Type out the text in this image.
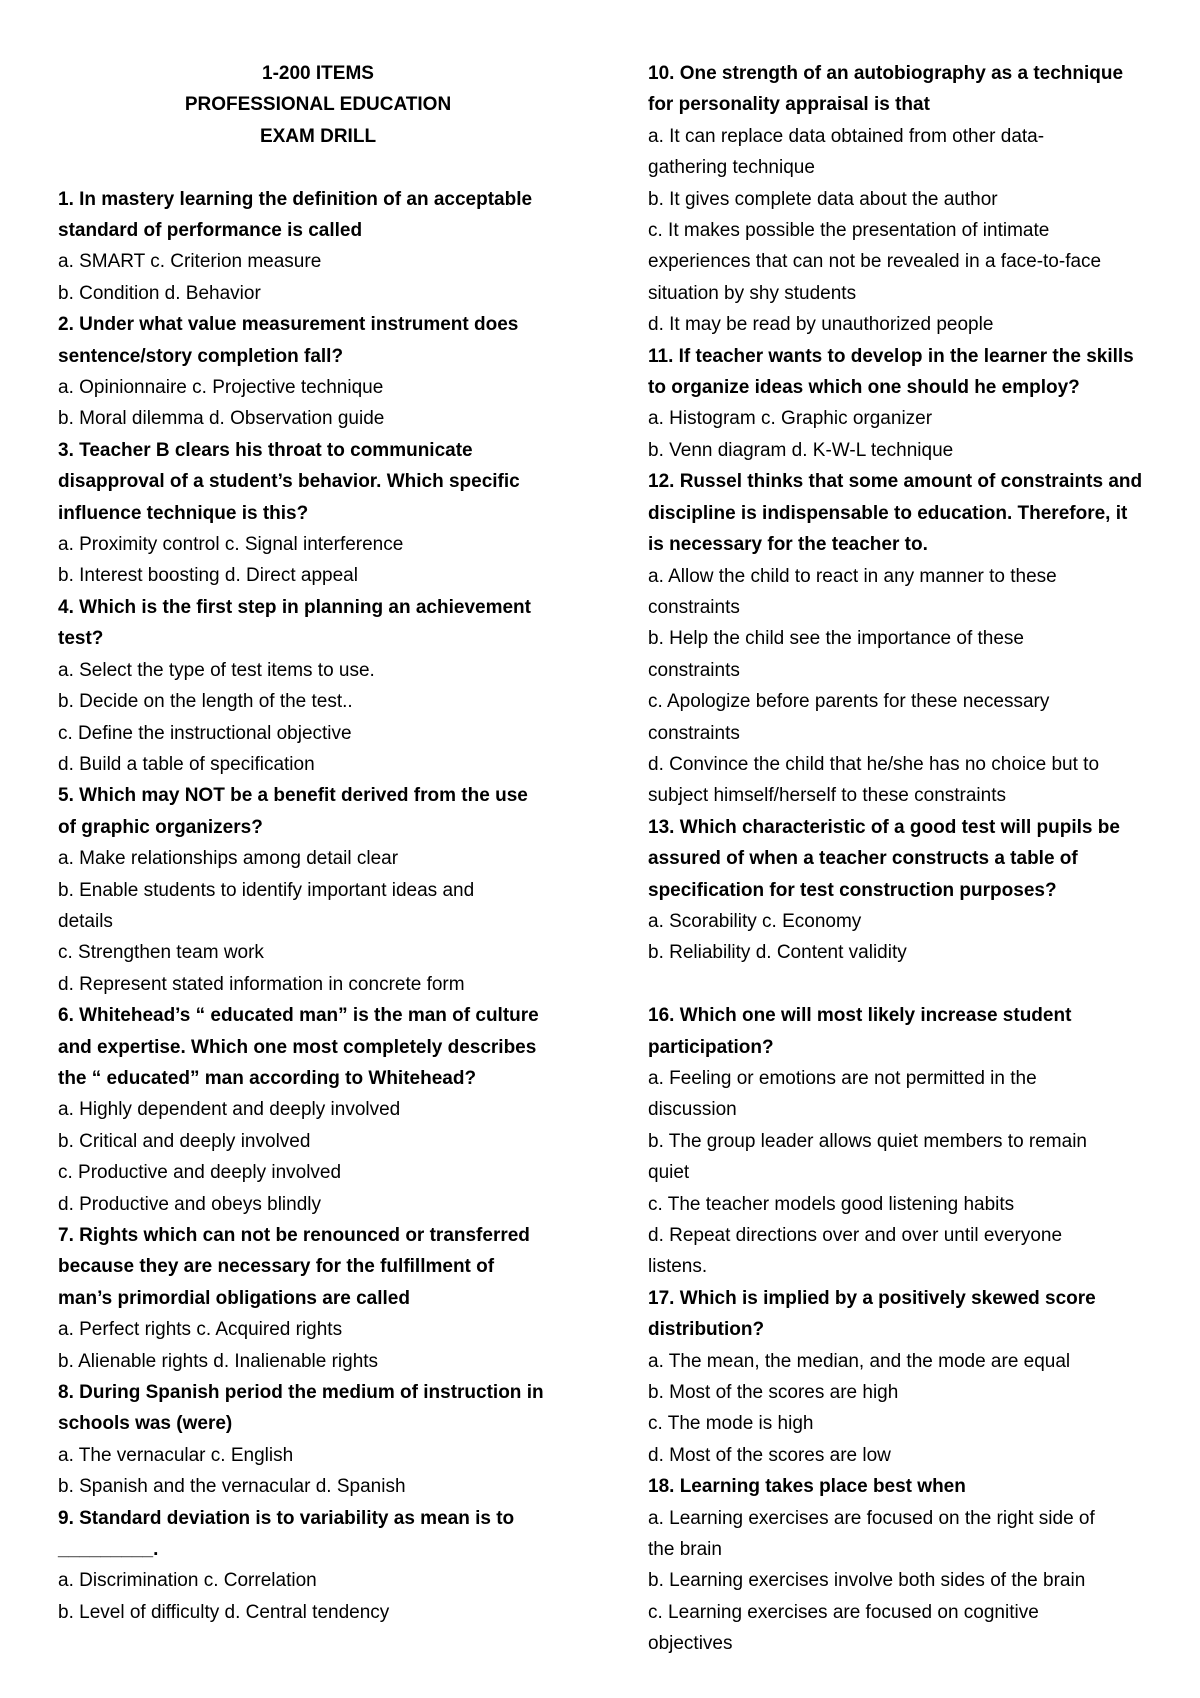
1-200 ITEMS
PROFESSIONAL EDUCATION
EXAM DRILL
1. In mastery learning the definition of an acceptable
standard of performance is called
a. SMART c. Criterion measure
b. Condition d. Behavior
2. Under what value measurement instrument does
sentence/story completion fall?
a. Opinionnaire c. Projective technique
b. Moral dilemma d. Observation guide
3. Teacher B clears his throat to communicate
disapproval of a student’s behavior. Which specific
influence technique is this?
a. Proximity control c. Signal interference
b. Interest boosting d. Direct appeal
4. Which is the first step in planning an achievement
test?
a. Select the type of test items to use.
b. Decide on the length of the test..
c. Define the instructional objective
d. Build a table of specification
5. Which may NOT be a benefit derived from the use
of graphic organizers?
a. Make relationships among detail clear
b. Enable students to identify important ideas and
details
c. Strengthen team work
d. Represent stated information in concrete form
6. Whitehead’s “ educated man” is the man of culture
and expertise. Which one most completely describes
the “ educated” man according to Whitehead?
a. Highly dependent and deeply involved
b. Critical and deeply involved
c. Productive and deeply involved
d. Productive and obeys blindly
7. Rights which can not be renounced or transferred
because they are necessary for the fulfillment of
man’s primordial obligations are called
a. Perfect rights c. Acquired rights
b. Alienable rights d. Inalienable rights
8. During Spanish period the medium of instruction in
schools was (were)
a. The vernacular c. English
b. Spanish and the vernacular d. Spanish
9. Standard deviation is to variability as mean is to
_________.
a. Discrimination c. Correlation
b. Level of difficulty d. Central tendency
10. One strength of an autobiography as a technique
for personality appraisal is that
a. It can replace data obtained from other data-
gathering technique
b. It gives complete data about the author
c. It makes possible the presentation of intimate
experiences that can not be revealed in a face-to-face
situation by shy students
d. It may be read by unauthorized people
11. If teacher wants to develop in the learner the skills
to organize ideas which one should he employ?
a. Histogram c. Graphic organizer
b. Venn diagram d. K-W-L technique
12. Russel thinks that some amount of constraints and
discipline is indispensable to education. Therefore, it
is necessary for the teacher to.
a. Allow the child to react in any manner to these
constraints
b. Help the child see the importance of these
constraints
c. Apologize before parents for these necessary
constraints
d. Convince the child that he/she has no choice but to
subject himself/herself to these constraints
13. Which characteristic of a good test will pupils be
assured of when a teacher constructs a table of
specification for test construction purposes?
a. Scorability c. Economy
b. Reliability d. Content validity
16. Which one will most likely increase student
participation?
a. Feeling or emotions are not permitted in the
discussion
b. The group leader allows quiet members to remain
quiet
c. The teacher models good listening habits
d. Repeat directions over and over until everyone
listens.
17. Which is implied by a positively skewed score
distribution?
a. The mean, the median, and the mode are equal
b. Most of the scores are high
c. The mode is high
d. Most of the scores are low
18. Learning takes place best when
a. Learning exercises are focused on the right side of
the brain
b. Learning exercises involve both sides of the brain
c. Learning exercises are focused on cognitive
objectives
